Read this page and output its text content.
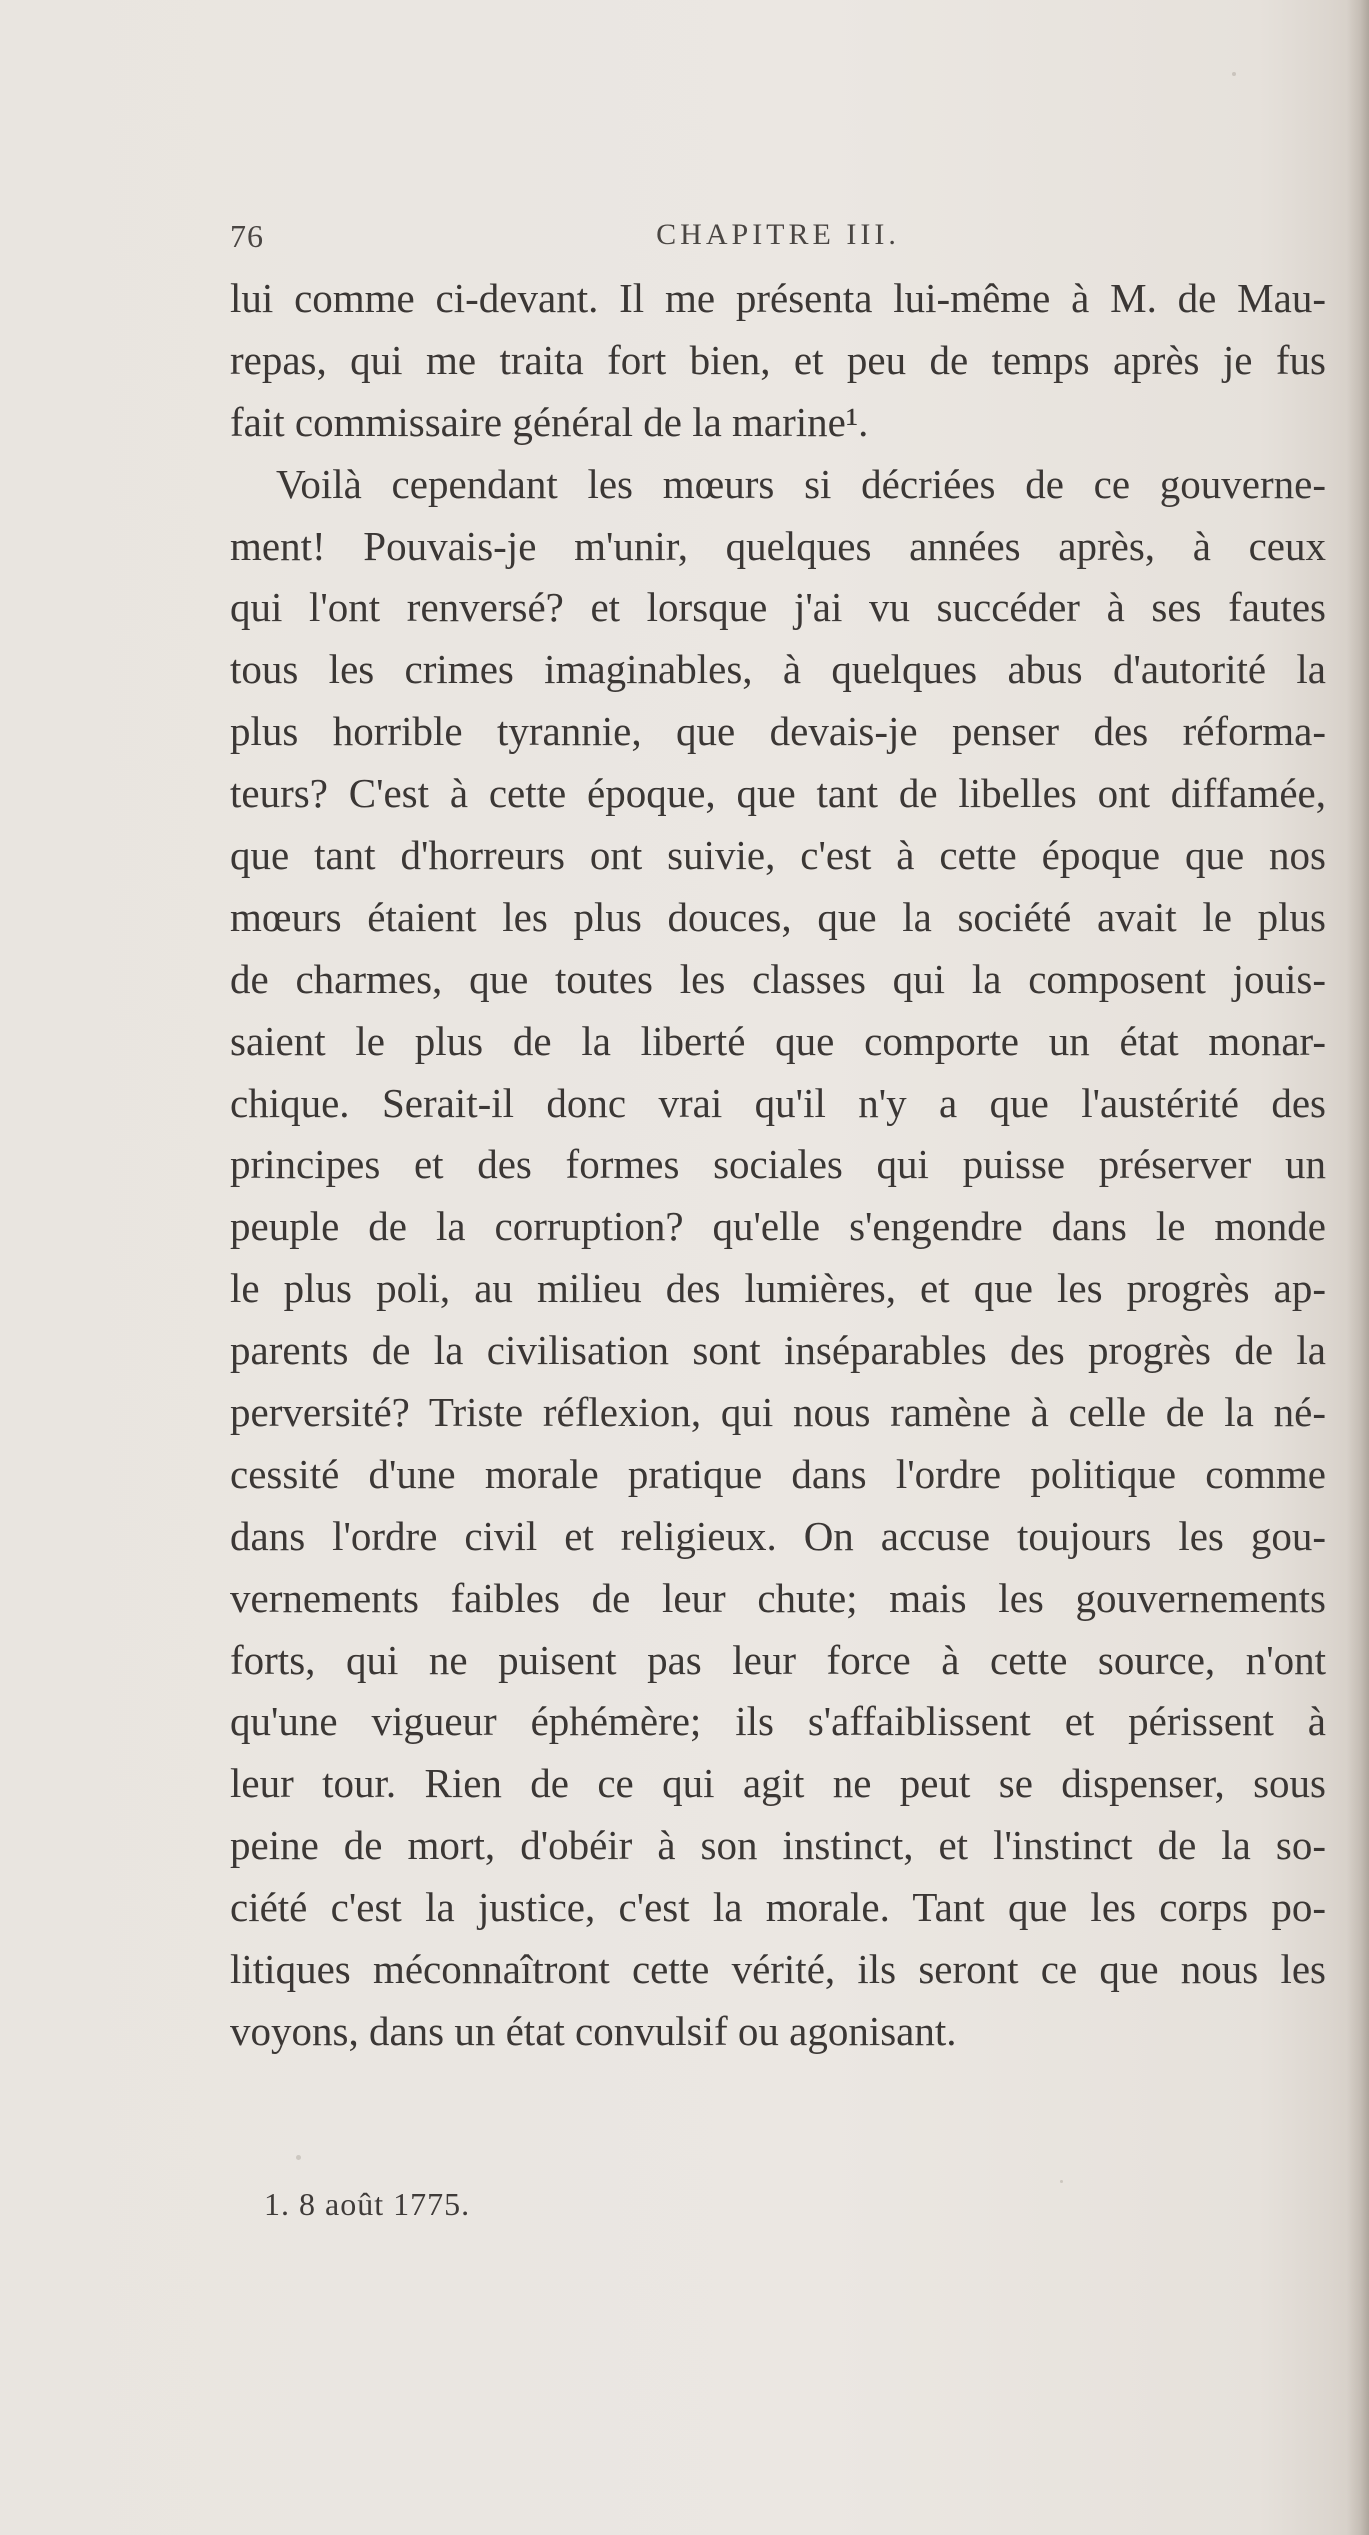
76	CHAPITRE III.
lui comme ci-devant. Il me présenta lui-même à M. de Mau-
repas, qui me traita fort bien, et peu de temps après je fus
fait commissaire général de la marine¹.
Voilà cependant les mœurs si décriées de ce gouverne-
ment! Pouvais-je m'unir, quelques années après, à ceux
qui l'ont renversé? et lorsque j'ai vu succéder à ses fautes
tous les crimes imaginables, à quelques abus d'autorité la
plus horrible tyrannie, que devais-je penser des réforma-
teurs? C'est à cette époque, que tant de libelles ont diffamée,
que tant d'horreurs ont suivie, c'est à cette époque que nos
mœurs étaient les plus douces, que la société avait le plus
de charmes, que toutes les classes qui la composent jouis-
saient le plus de la liberté que comporte un état monar-
chique. Serait-il donc vrai qu'il n'y a que l'austérité des
principes et des formes sociales qui puisse préserver un
peuple de la corruption? qu'elle s'engendre dans le monde
le plus poli, au milieu des lumières, et que les progrès ap-
parents de la civilisation sont inséparables des progrès de la
perversité? Triste réflexion, qui nous ramène à celle de la né-
cessité d'une morale pratique dans l'ordre politique comme
dans l'ordre civil et religieux. On accuse toujours les gou-
vernements faibles de leur chute; mais les gouvernements
forts, qui ne puisent pas leur force à cette source, n'ont
qu'une vigueur éphémère; ils s'affaiblissent et périssent à
leur tour. Rien de ce qui agit ne peut se dispenser, sous
peine de mort, d'obéir à son instinct, et l'instinct de la so-
ciété c'est la justice, c'est la morale. Tant que les corps po-
litiques méconnaîtront cette vérité, ils seront ce que nous les
voyons, dans un état convulsif ou agonisant.
1. 8 août 1775.
